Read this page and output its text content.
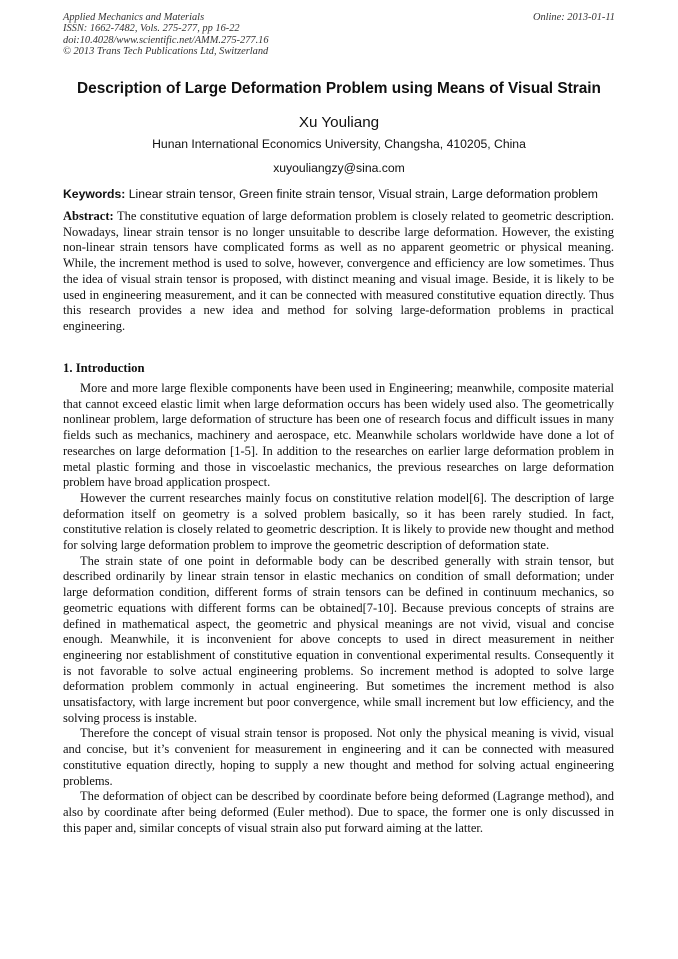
Applied Mechanics and Materials
ISSN: 1662-7482, Vols. 275-277, pp 16-22
doi:10.4028/www.scientific.net/AMM.275-277.16
© 2013 Trans Tech Publications Ltd, Switzerland
Online: 2013-01-11
Description of Large Deformation Problem using Means of Visual Strain
Xu Youliang
Hunan International Economics University, Changsha, 410205, China
xuyouliangzy@sina.com
Keywords: Linear strain tensor, Green finite strain tensor, Visual strain, Large deformation problem
Abstract: The constitutive equation of large deformation problem is closely related to geometric description. Nowadays, linear strain tensor is no longer unsuitable to describe large deformation. However, the existing non-linear strain tensors have complicated forms as well as no apparent geometric or physical meaning. While, the increment method is used to solve, however, convergence and efficiency are low sometimes. Thus the idea of visual strain tensor is proposed, with distinct meaning and visual image. Beside, it is likely to be used in engineering measurement, and it can be connected with measured constitutive equation directly. Thus this research provides a new idea and method for solving large-deformation problems in practical engineering.
1. Introduction

More and more large flexible components have been used in Engineering; meanwhile, composite material that cannot exceed elastic limit when large deformation occurs has been widely used also. The geometrically nonlinear problem, large deformation of structure has been one of research focus and difficult issues in many fields such as mechanics, machinery and aerospace, etc. Meanwhile scholars worldwide have done a lot of researches on large deformation [1-5]. In addition to the researches on earlier large deformation problem in metal plastic forming and those in viscoelastic mechanics, the previous researches on large deformation problem have broad application prospect.

However the current researches mainly focus on constitutive relation model[6]. The description of large deformation itself on geometry is a solved problem basically, so it has been rarely studied. In fact, constitutive relation is closely related to geometric description. It is likely to provide new thought and method for solving large deformation problem to improve the geometric description of deformation state.

The strain state of one point in deformable body can be described generally with strain tensor, but described ordinarily by linear strain tensor in elastic mechanics on condition of small deformation; under large deformation condition, different forms of strain tensors can be defined in continuum mechanics, so geometric equations with different forms can be obtained[7-10]. Because previous concepts of strains are defined in mathematical aspect, the geometric and physical meanings are not vivid, visual and concise enough. Meanwhile, it is inconvenient for above concepts to used in direct measurement in neither engineering nor establishment of constitutive equation in conventional experimental results. Consequently it is not favorable to solve actual engineering problems. So increment method is adopted to solve large deformation problem commonly in actual engineering. But sometimes the increment method is also unsatisfactory, with large increment but poor convergence, while small increment but low efficiency, and the solving process is instable.

Therefore the concept of visual strain tensor is proposed. Not only the physical meaning is vivid, visual and concise, but it’s convenient for measurement in engineering and it can be connected with measured constitutive equation directly, hoping to supply a new thought and method for solving actual engineering problems.

The deformation of object can be described by coordinate before being deformed (Lagrange method), and also by coordinate after being deformed (Euler method). Due to space, the former one is only discussed in this paper and, similar concepts of visual strain also put forward aiming at the latter.
